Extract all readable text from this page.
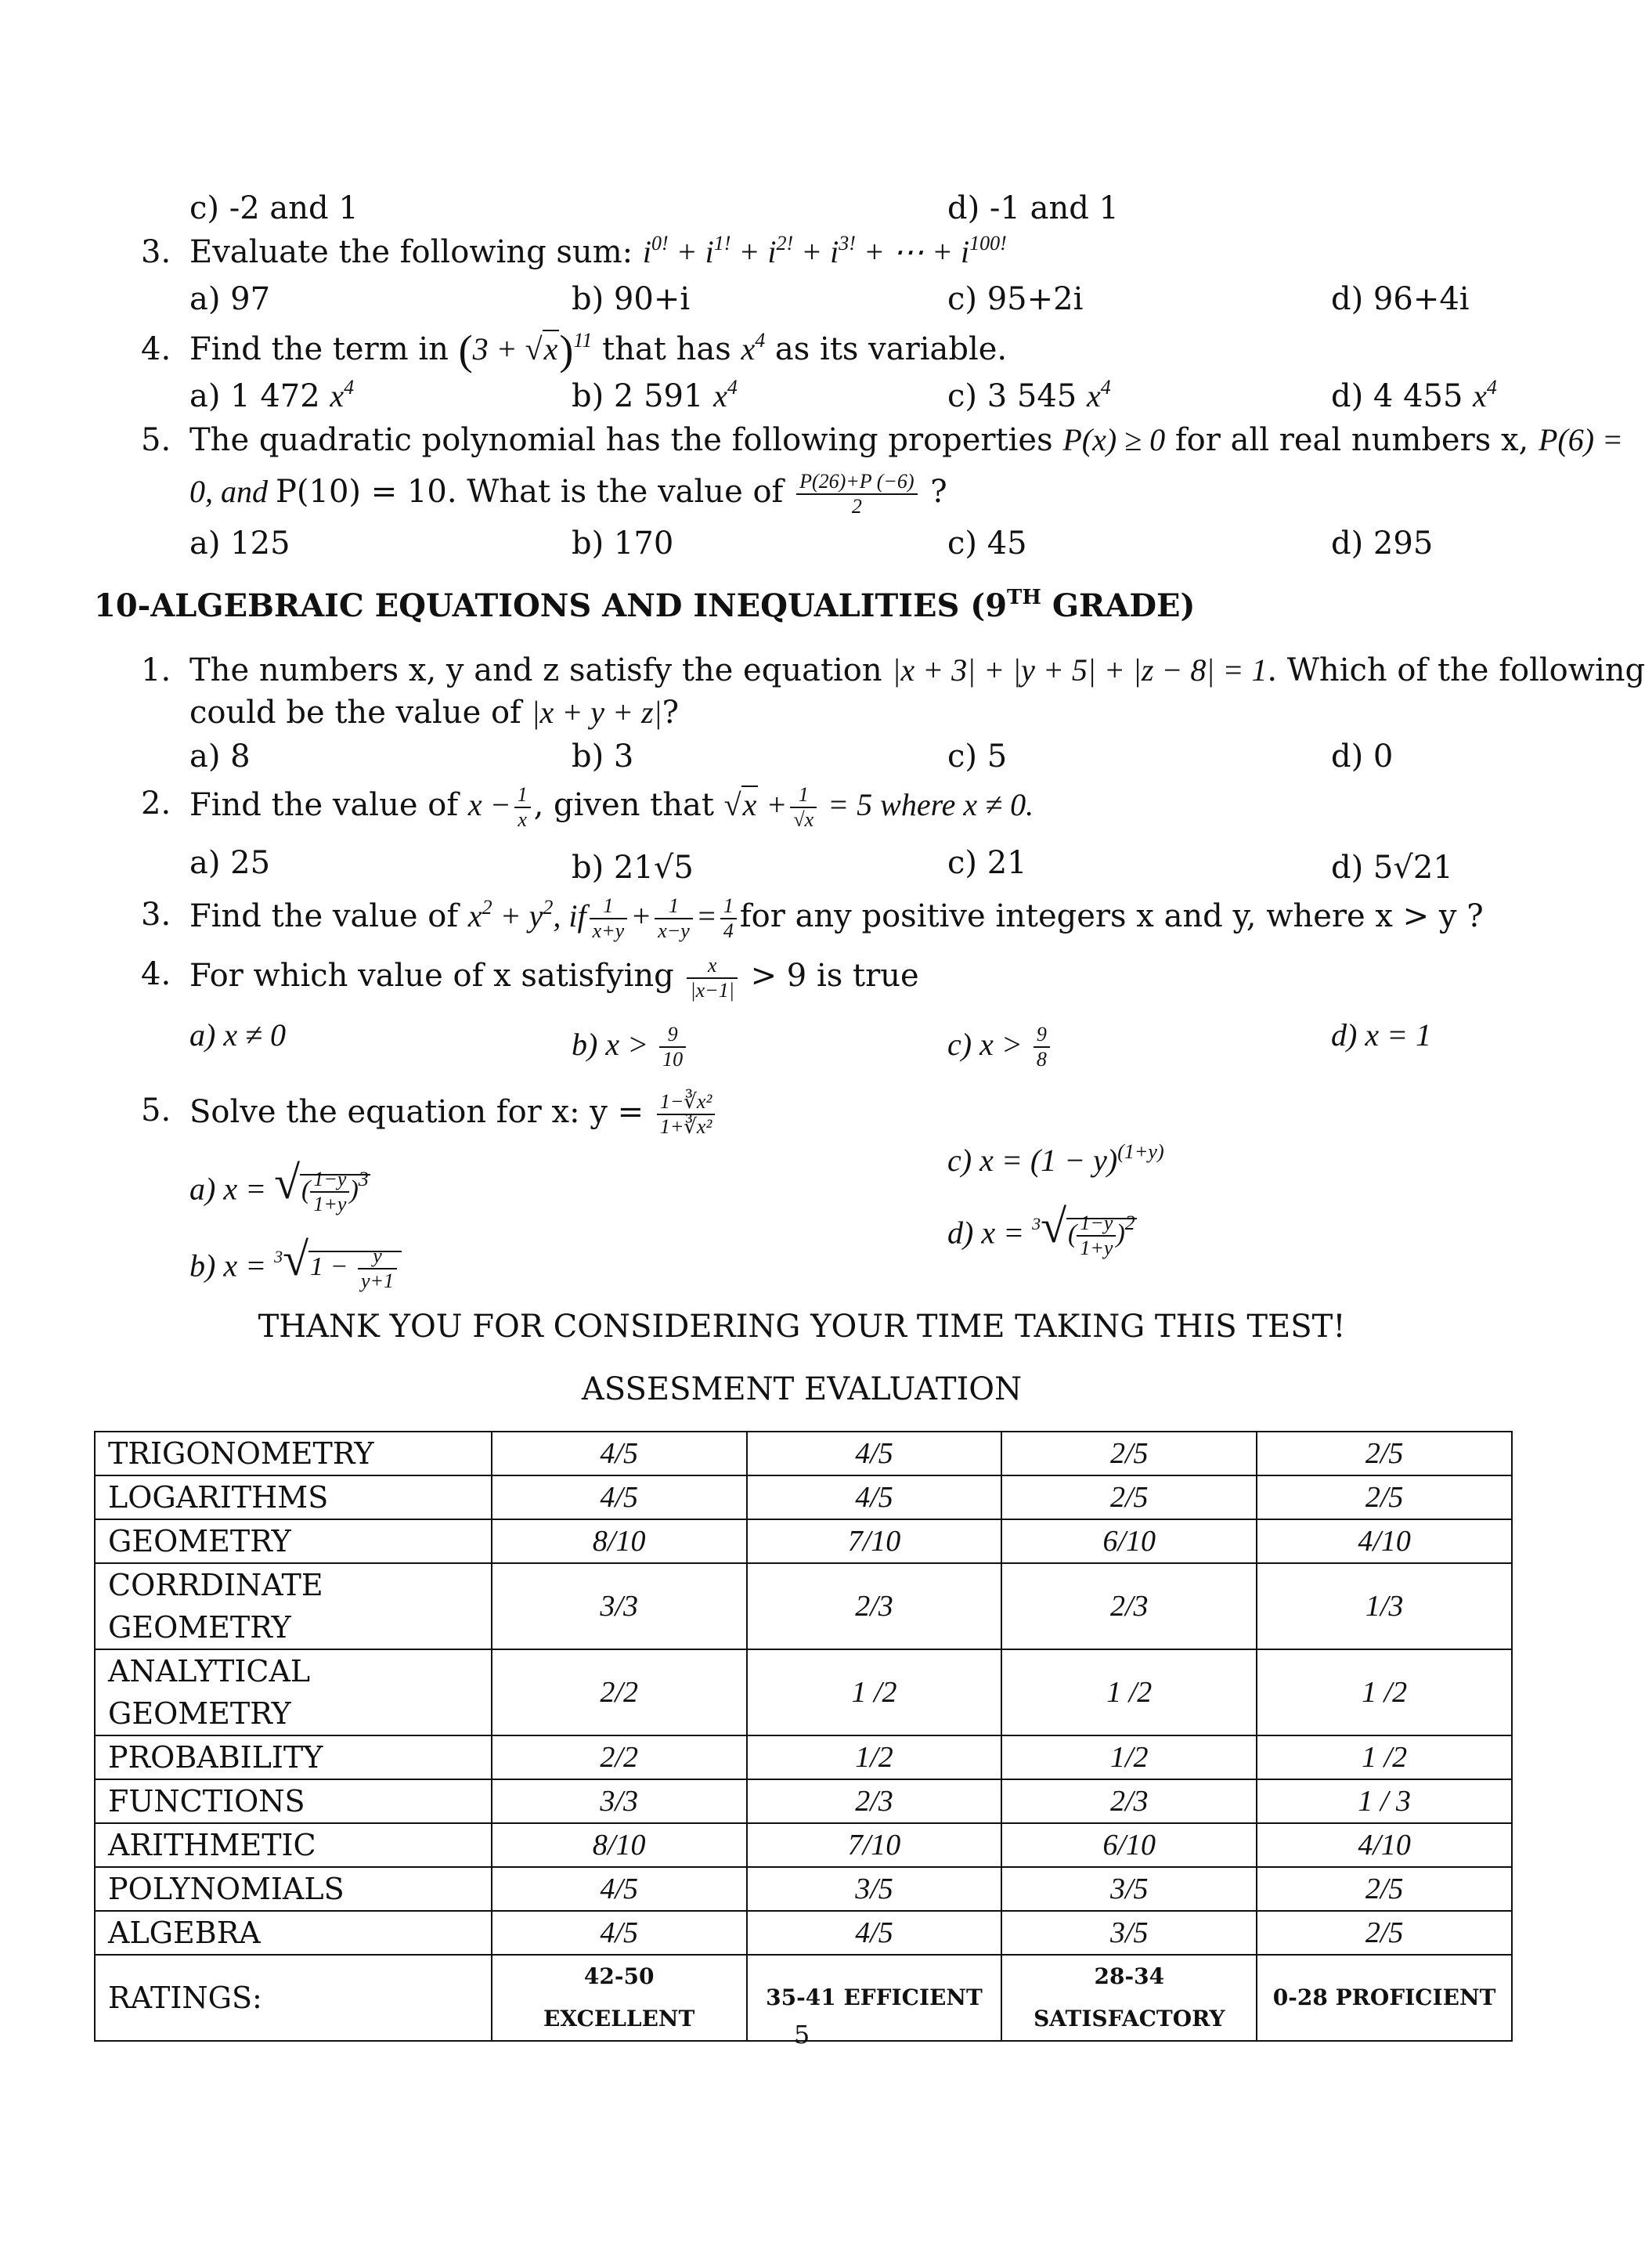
c) -2 and 1	d) -1 and 1
3. Evaluate the following sum: $i^{0!} + i^{1!} + i^{2!} + i^{3!}$ + ⋯ + $i^{100!}$
a) 97	b) 90+i	c) 95+2i	d) 96+4i
4. Find the term in $(3 + √x)^{11}$ that has $x^4$ as its variable.
a) 1 472 $x^4$	b) 2 591 $x^4$	c) 3 545 $x^4$	d) 4 455 $x^4$
5. The quadratic polynomial has the following properties P(x) ≥ 0 for all real numbers x, P(6) =
0, and P(10) = 10. What is the value of $\frac{P(26)+P (-6)}{2}$ ?
a) 125	b) 170	c) 45	d) 295
10-ALGEBRAIC EQUATIONS AND INEQUALITIES (9TH GRADE)
1. The numbers x, y and z satisfy the equation |x + 3| + |y + 5| + |z − 8| = 1. Which of the following
could be the value of |x + y + z|?
a) 8	b) 3	c) 5	d) 0
2. Find the value of $x - \frac{1}{x}$ , given that $√x + \frac{1}{√x} = 5$ where x ≠ 0.
a) 25	b) 21√5	c) 21	d) 5√21
3. Find the value of $x^2 + y^2$, if $\frac{1}{x+y} + \frac{1}{x-y} = \frac{1}{4}$ for any positive integers x and y, where x > y ?
4. For which value of x satisfying $\frac{x}{|x-1|} > 9$ is true
a) x ≠ 0	b) $x > \frac{9}{10}$	c) $x > \frac{9}{8}$	d) x = 1
5. Solve the equation for x: $y = \frac{\text{1−∛x²}}{\text{1+∛x²}}$
a) x = √( $\frac{1-y}{1+y} )^3$
b) $x = ^3√1 - \frac{y}{y+1}$
c) $x = (1 - y)^{(1+y)}$
d) $x = ^3√( \frac{1-y}{1+y} )^2$
THANK YOU FOR CONSIDERING YOUR TIME TAKING THIS TEST!
ASSESMENT EVALUATION
TRIGONOMETRY	4/5	4/5	2/5	2/5
LOGARITHMS	4/5	4/5	2/5	2/5
GEOMETRY	8/10	7/10	6/10	4/10
CORRDINATE GEOMETRY	3/3	2/3	2/3	1/3
ANALYTICAL GEOMETRY	2/2	1 /2	1 /2	1 /2
PROBABILITY	2/2	1/2	1/2	1 /2
FUNCTIONS	3/3	2/3	2/3	1 / 3
ARITHMETIC	8/10	7/10	6/10	4/10
POLYNOMIALS	4/5	3/5	3/5	2/5
ALGEBRA	4/5	4/5	3/5	2/5
RATINGS:	42-50 EXCELLENT	35-41 EFFICIENT	28-34 SATISFACTORY	0-28 PROFICIENT
5
